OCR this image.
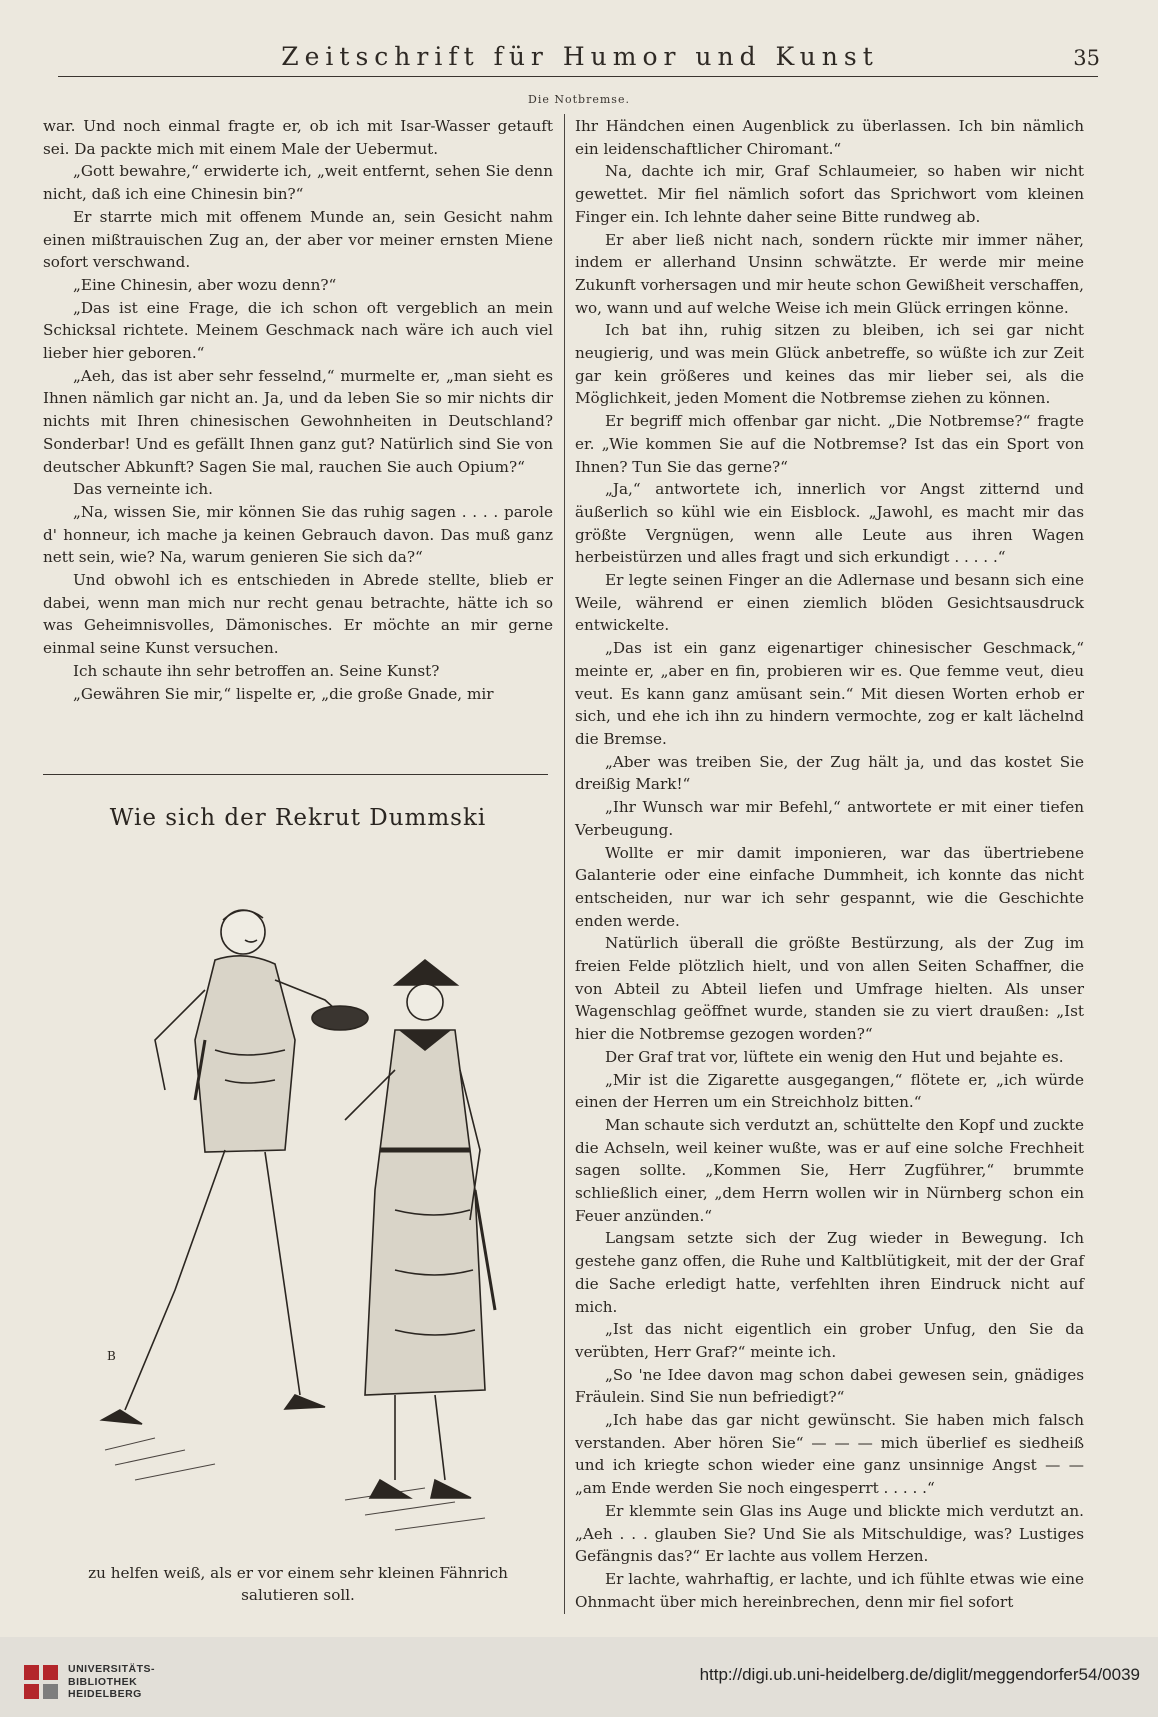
Zeitschrift für Humor und Kunst	35
Die Notbremse.

war. Und noch einmal fragte er, ob ich mit Isar-Wasser getauft sei. Da packte mich mit einem Male der Uebermut.

„Gott bewahre,“ erwiderte ich, „weit entfernt, sehen Sie denn nicht, daß ich eine Chinesin bin?“

Er starrte mich mit offenem Munde an, sein Gesicht nahm einen mißtrauischen Zug an, der aber vor meiner ernsten Miene sofort verschwand.

„Eine Chinesin, aber wozu denn?“

„Das ist eine Frage, die ich schon oft vergeblich an mein Schicksal richtete. Meinem Geschmack nach wäre ich auch viel lieber hier geboren.“

„Aeh, das ist aber sehr fesselnd,“ murmelte er, „man sieht es Ihnen nämlich gar nicht an. Ja, und da leben Sie so mir nichts dir nichts mit Ihren chinesischen Gewohnheiten in Deutschland? Sonderbar! Und es gefällt Ihnen ganz gut? Natürlich sind Sie von deutscher Abkunft? Sagen Sie mal, rauchen Sie auch Opium?“

Das verneinte ich.

„Na, wissen Sie, mir können Sie das ruhig sagen . . . . parole d' honneur, ich mache ja keinen Gebrauch davon. Das muß ganz nett sein, wie? Na, warum genieren Sie sich da?“

Und obwohl ich es entschieden in Abrede stellte, blieb er dabei, wenn man mich nur recht genau betrachte, hätte ich so was Geheimnisvolles, Dämonisches. Er möchte an mir gerne einmal seine Kunst versuchen.

Ich schaute ihn sehr betroffen an. Seine Kunst?

„Gewähren Sie mir,“ lispelte er, „die große Gnade, mir

Wie sich der Rekrut Dummski
B
zu helfen weiß, als er vor einem sehr kleinen Fähnrich
salutieren soll.

Ihr Händchen einen Augenblick zu überlassen. Ich bin nämlich ein leidenschaftlicher Chiromant.“

Na, dachte ich mir, Graf Schlaumeier, so haben wir nicht gewettet. Mir fiel nämlich sofort das Sprichwort vom kleinen Finger ein. Ich lehnte daher seine Bitte rundweg ab.

Er aber ließ nicht nach, sondern rückte mir immer näher, indem er allerhand Unsinn schwätzte. Er werde mir meine Zukunft vorhersagen und mir heute schon Gewißheit verschaffen, wo, wann und auf welche Weise ich mein Glück erringen könne.

Ich bat ihn, ruhig sitzen zu bleiben, ich sei gar nicht neugierig, und was mein Glück anbetreffe, so wüßte ich zur Zeit gar kein größeres und keines das mir lieber sei, als die Möglichkeit, jeden Moment die Notbremse ziehen zu können.

Er begriff mich offenbar gar nicht. „Die Notbremse?“ fragte er. „Wie kommen Sie auf die Notbremse? Ist das ein Sport von Ihnen? Tun Sie das gerne?“

„Ja,“ antwortete ich, innerlich vor Angst zitternd und äußerlich so kühl wie ein Eisblock. „Jawohl, es macht mir das größte Vergnügen, wenn alle Leute aus ihren Wagen herbeistürzen und alles fragt und sich erkundigt . . . . .“

Er legte seinen Finger an die Adlernase und besann sich eine Weile, während er einen ziemlich blöden Gesichtsausdruck entwickelte.

„Das ist ein ganz eigenartiger chinesischer Geschmack,“ meinte er, „aber en fin, probieren wir es. Que femme veut, dieu veut. Es kann ganz amüsant sein.“ Mit diesen Worten erhob er sich, und ehe ich ihn zu hindern vermochte, zog er kalt lächelnd die Bremse.

„Aber was treiben Sie, der Zug hält ja, und das kostet Sie dreißig Mark!“

„Ihr Wunsch war mir Befehl,“ antwortete er mit einer tiefen Verbeugung.

Wollte er mir damit imponieren, war das übertriebene Galanterie oder eine einfache Dummheit, ich konnte das nicht entscheiden, nur war ich sehr gespannt, wie die Geschichte enden werde.

Natürlich überall die größte Bestürzung, als der Zug im freien Felde plötzlich hielt, und von allen Seiten Schaffner, die von Abteil zu Abteil liefen und Umfrage hielten. Als unser Wagenschlag geöffnet wurde, standen sie zu viert draußen: „Ist hier die Notbremse gezogen worden?“

Der Graf trat vor, lüftete ein wenig den Hut und bejahte es.

„Mir ist die Zigarette ausgegangen,“ flötete er, „ich würde einen der Herren um ein Streichholz bitten.“

Man schaute sich verdutzt an, schüttelte den Kopf und zuckte die Achseln, weil keiner wußte, was er auf eine solche Frechheit sagen sollte. „Kommen Sie, Herr Zugführer,“ brummte schließlich einer, „dem Herrn wollen wir in Nürnberg schon ein Feuer anzünden.“

Langsam setzte sich der Zug wieder in Bewegung. Ich gestehe ganz offen, die Ruhe und Kaltblütigkeit, mit der der Graf die Sache erledigt hatte, verfehlten ihren Eindruck nicht auf mich.

„Ist das nicht eigentlich ein grober Unfug, den Sie da verübten, Herr Graf?“ meinte ich.

„So 'ne Idee davon mag schon dabei gewesen sein, gnädiges Fräulein. Sind Sie nun befriedigt?“

„Ich habe das gar nicht gewünscht. Sie haben mich falsch verstanden. Aber hören Sie“ — — — mich überlief es siedheiß und ich kriegte schon wieder eine ganz unsinnige Angst — — „am Ende werden Sie noch eingesperrt . . . . .“

Er klemmte sein Glas ins Auge und blickte mich verdutzt an. „Aeh . . . glauben Sie? Und Sie als Mitschuldige, was? Lustiges Gefängnis das?“ Er lachte aus vollem Herzen.

Er lachte, wahrhaftig, er lachte, und ich fühlte etwas wie eine Ohnmacht über mich hereinbrechen, denn mir fiel sofort

UNIVERSITÄTS-
BIBLIOTHEK
HEIDELBERG
http://digi.ub.uni-heidelberg.de/diglit/meggendorfer54/0039
